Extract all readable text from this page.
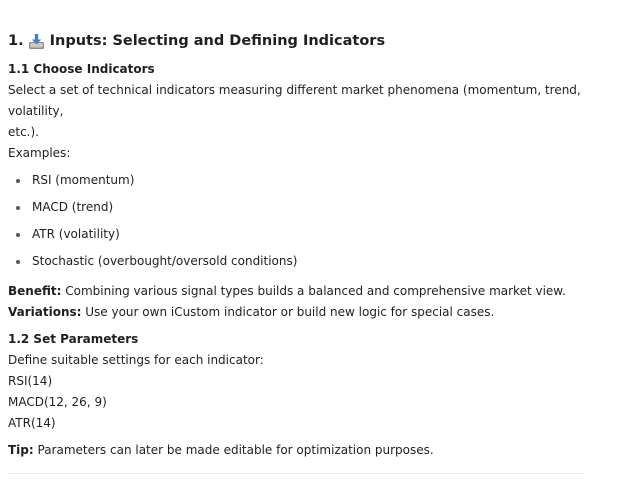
1. Inputs: Selecting and Defining Indicators
1.1 Choose Indicators

Select a set of technical indicators measuring different market phenomena (momentum, trend, volatility,
etc.).
Examples:

RSI (momentum)
MACD (trend)
ATR (volatility)
Stochastic (overbought/oversold conditions)

Benefit: Combining various signal types builds a balanced and comprehensive market view.
Variations: Use your own iCustom indicator or build new logic for special cases.

1.2 Set Parameters

Define suitable settings for each indicator:
RSI(14)
MACD(12, 26, 9)
ATR(14)

Tip: Parameters can later be made editable for optimization purposes.
